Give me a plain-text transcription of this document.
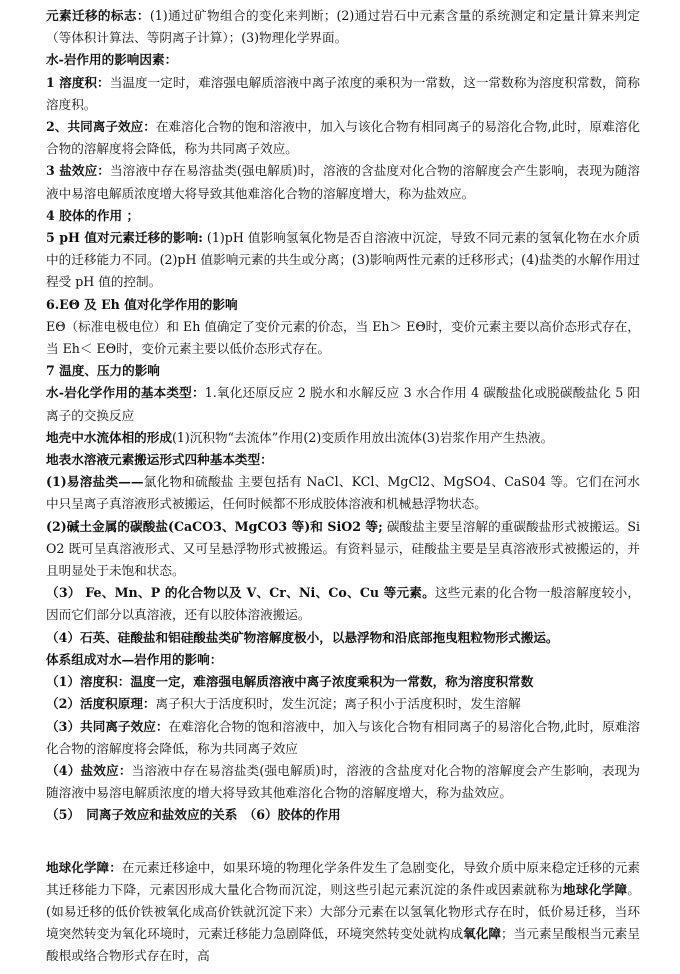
元素迁移的标志：(1)通过矿物组合的变化来判断；(2)通过岩石中元素含量的系统测定和定量计算来判定（等体积计算法、等阴离子计算）；(3)物理化学界面。

水-岩作用的影响因素：

1 溶度积：当温度一定时，难溶强电解质溶液中离子浓度的乘积为一常数，这一常数称为溶度积常数，简称溶度积。

2、共同离子效应：在难溶化合物的饱和溶液中，加入与该化合物有相同离子的易溶化合物,此时，原难溶化合物的溶解度将会降低，称为共同离子效应。

3 盐效应：当溶液中存在易溶盐类(强电解质)时，溶液的含盐度对化合物的溶解度会产生影响，表现为随溶液中易溶电解质浓度增大将导致其他难溶化合物的溶解度增大，称为盐效应。

4 胶体的作用 ；

5 pH 值对元素迁移的影响: (1)pH 值影响氢氧化物是否自溶液中沉淀，导致不同元素的氢氧化物在水介质中的迁移能力不同。(2)pH 值影响元素的共生或分离；(3)影响两性元素的迁移形式；(4)盐类的水解作用过程受 pH 值的控制。

6.EΘ 及 Eh 值对化学作用的影响

EΘ（标准电极电位）和 Eh 值确定了变价元素的价态，当 Eh＞ EΘ时，变价元素主要以高价态形式存在，当 Eh＜ EΘ时，变价元素主要以低价态形式存在。

7 温度、压力的影响

水-岩化学作用的基本类型：1.氧化还原反应 2 脱水和水解反应 3 水合作用 4 碳酸盐化或脱碳酸盐化 5 阳离子的交换反应

地壳中水流体相的形成(1)沉积物“去流体”作用(2)变质作用放出流体(3)岩浆作用产生热液。

地表水溶液元素搬运形式四种基本类型：

(1)易溶盐类——氯化物和硫酸盐 主要包括有 NaCl、KCl、MgCl2、MgSO4、CaS04 等。它们在河水中只呈离子真溶液形式被搬运，任何时候都不形成胶体溶液和机械悬浮物状态。

(2)碱土金属的碳酸盐(CaCO3、MgCO3 等)和 SiO2 等; 碳酸盐主要呈溶解的重碳酸盐形式被搬运。SiO2 既可呈真溶液形式、又可呈悬浮物形式被搬运。有资料显示，硅酸盐主要是呈真溶液形式被搬运的，并且明显处于未饱和状态。

（3） Fe、Mn、P 的化合物以及 V、Cr、Ni、Co、Cu 等元素。这些元素的化合物一般溶解度较小，因而它们部分以真溶液，还有以胶体溶液搬运。

（4）石英、硅酸盐和铝硅酸盐类矿物溶解度极小，以悬浮物和沿底部拖曳粗粒物形式搬运。

体系组成对水—岩作用的影响：

（1）溶度积：温度一定，难溶强电解质溶液中离子浓度乘积为一常数，称为溶度积常数

（2）活度积原理：离子积大于活度积时，发生沉淀；离子积小于活度积时，发生溶解

（3）共同离子效应：在难溶化合物的饱和溶液中，加入与该化合物有相同离子的易溶化合物,此时，原难溶化合物的溶解度将会降低，称为共同离子效应

（4）盐效应：当溶液中存在易溶盐类(强电解质)时，溶液的含盐度对化合物的溶解度会产生影响，表现为随溶液中易溶电解质浓度的增大将导致其他难溶化合物的溶解度增大，称为盐效应。

（5）　同离子效应和盐效应的关系　（6）胶体的作用

地球化学障：在元素迁移途中，如果环境的物理化学条件发生了急剧变化，导致介质中原来稳定迁移的元素其迁移能力下降，元素因形成大量化合物而沉淀，则这些引起元素沉淀的条件或因素就称为地球化学障。(如易迁移的低价铁被氧化成高价铁就沉淀下来）大部分元素在以氢氧化物形式存在时，低价易迁移，当环境突然转变为氧化环境时，元素迁移能力急剧降低，环境突然转变处就构成氧化障；当元素呈酸根当元素呈酸根或络合物形式存在时，高
